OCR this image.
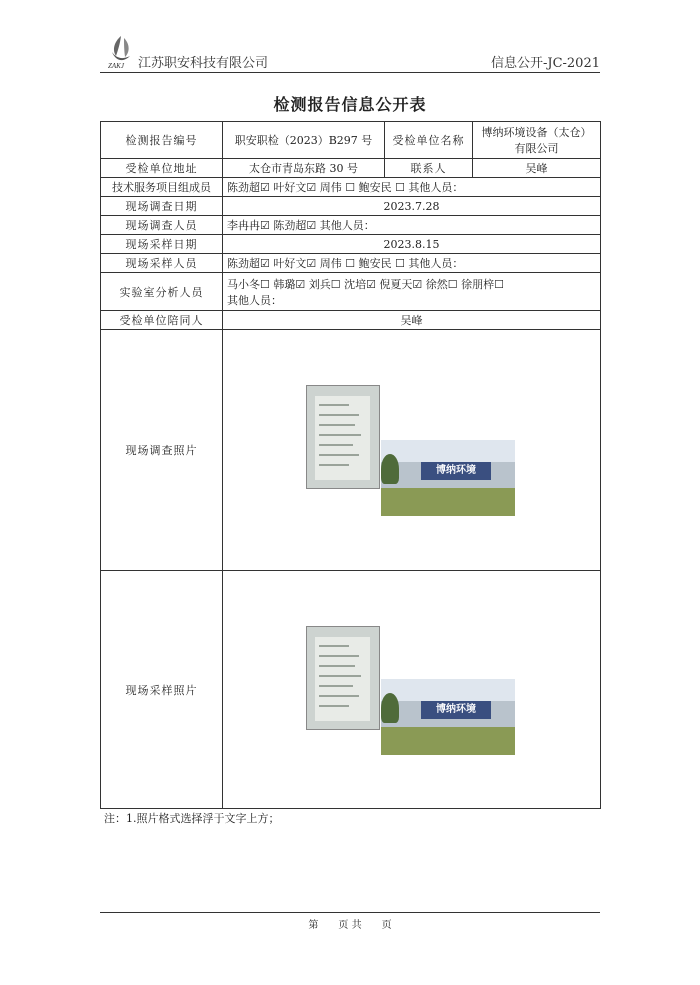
ZAKJ 江苏职安科技有限公司	信息公开-JC-2021
检测报告信息公开表
检测报告编号	职安职检（2023）B297 号	受检单位名称	博纳环境设备（太仓）有限公司
受检单位地址	太仓市青岛东路 30 号	联系人	吴峰
技术服务项目组成员	陈劲超☑ 叶好文☑ 周伟 ☐ 鲍安民 ☐ 其他人员：		
现场调查日期	2023.7.28		
现场调查人员	李冉冉☑ 陈劲超☑ 其他人员：		
现场采样日期	2023.8.15		
现场采样人员	陈劲超☑ 叶好文☑ 周伟 ☐ 鲍安民 ☐ 其他人员：		
实验室分析人员	马小冬☐ 韩璐☑ 刘兵☐ 沈培☑ 倪夏天☑ 徐然☐ 徐朋梓☐
其他人员：		

受检单位陪同人	吴峰		
现场调查照片	博纳环境		

现场采样照片	博纳环境		
注：1.照片格式选择浮于文字上方；
第　　页 共　　页
